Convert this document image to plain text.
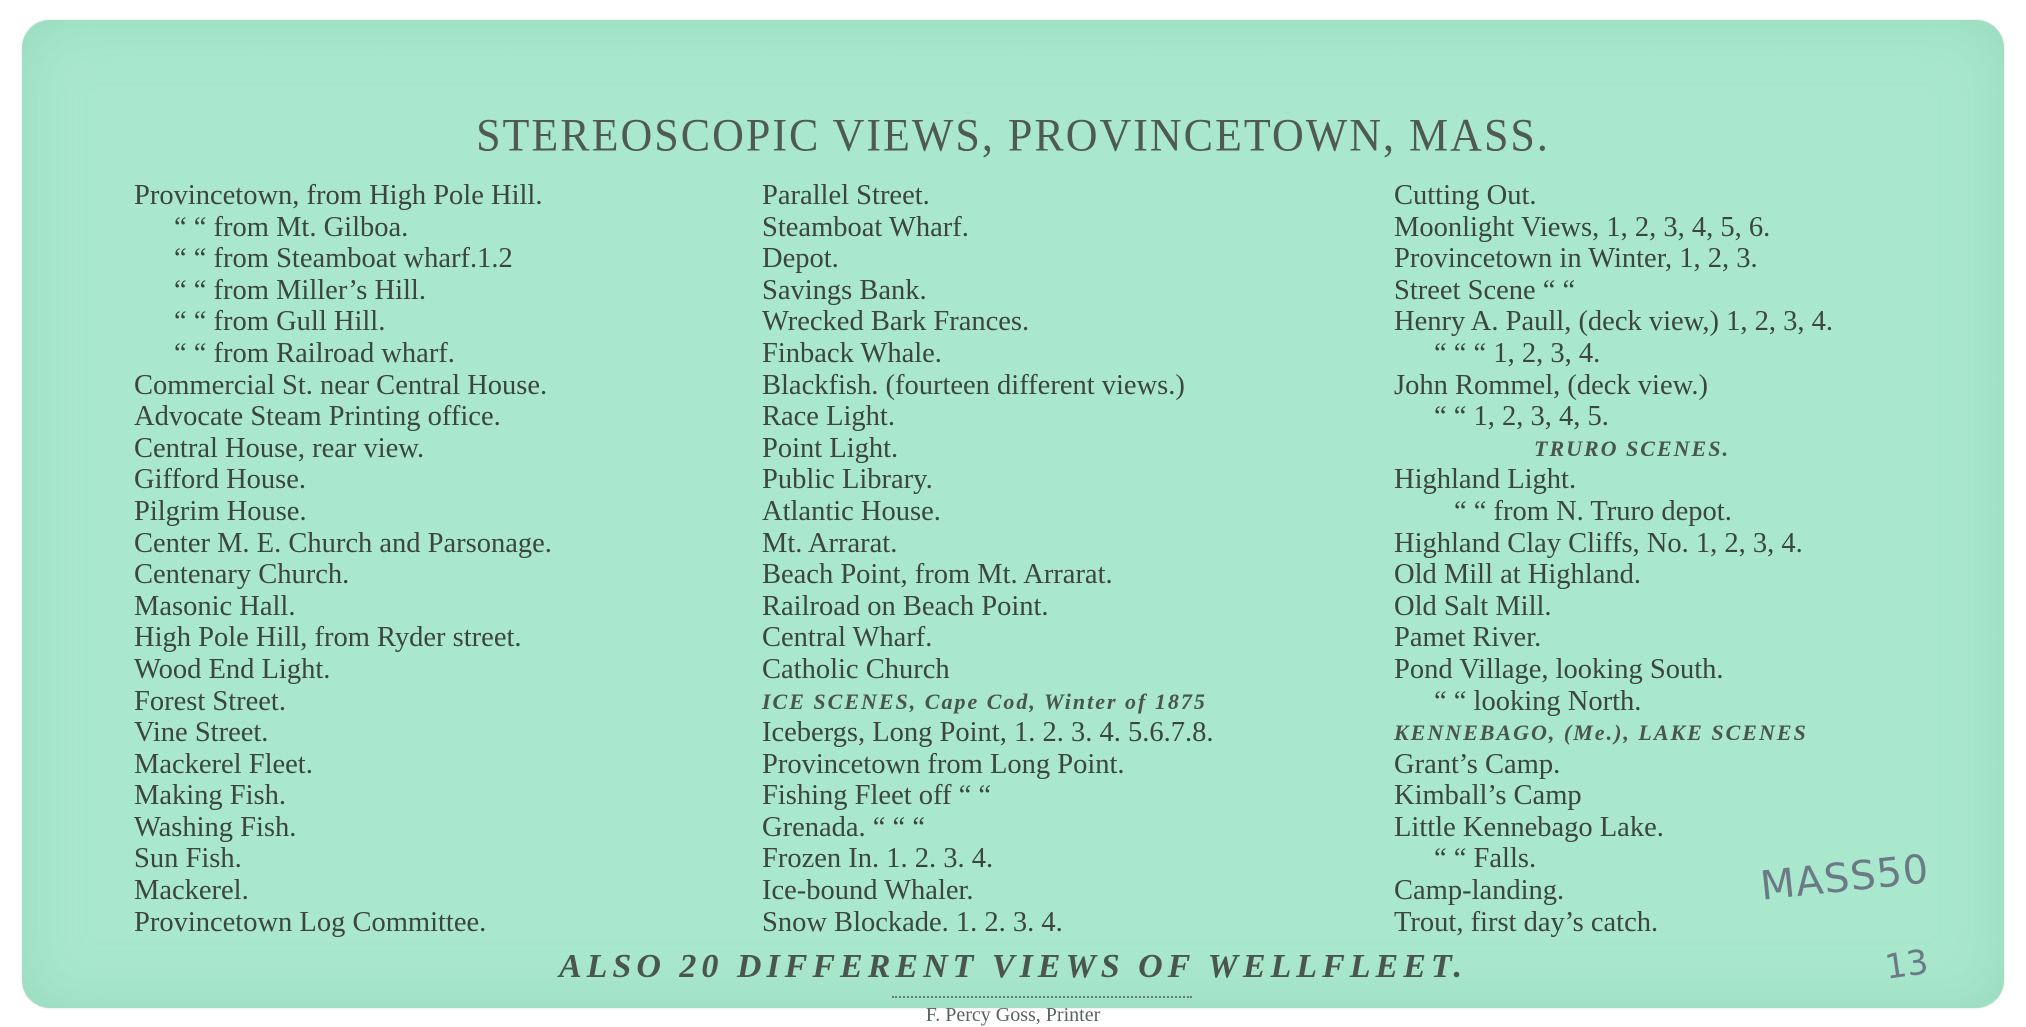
STEREOSCOPIC VIEWS, PROVINCETOWN, MASS.
Provincetown, from High Pole Hill.
“ “ from Mt. Gilboa.
“ “ from Steamboat wharf.1.2
“ “ from Miller’s Hill.
“ “ from Gull Hill.
“ “ from Railroad wharf.
Commercial St. near Central House.
Advocate Steam Printing office.
Central House, rear view.
Gifford House.
Pilgrim House.
Center M. E. Church and Parsonage.
Centenary Church.
Masonic Hall.
High Pole Hill, from Ryder street.
Wood End Light.
Forest Street.
Vine Street.
Mackerel Fleet.
Making Fish.
Washing Fish.
Sun Fish.
Mackerel.
Provincetown Log Committee.
Parallel Street.
Steamboat Wharf.
Depot.
Savings Bank.
Wrecked Bark Frances.
Finback Whale.
Blackfish. (fourteen different views.)
Race Light.
Point Light.
Public Library.
Atlantic House.
Mt. Arrarat.
Beach Point, from Mt. Arrarat.
Railroad on Beach Point.
Central Wharf.
Catholic Church
ICE SCENES, Cape Cod, Winter of 1875
Icebergs, Long Point, 1. 2. 3. 4. 5.6.7.8.
Provincetown from Long Point.
Fishing Fleet off “ “
Grenada. “ “ “
Frozen In. 1. 2. 3. 4.
Ice-bound Whaler.
Snow Blockade. 1. 2. 3. 4.
Cutting Out.
Moonlight Views, 1, 2, 3, 4, 5, 6.
Provincetown in Winter, 1, 2, 3.
Street Scene “ “
Henry A. Paull, (deck view,) 1, 2, 3, 4.
“ “ “ 1, 2, 3, 4.
John Rommel, (deck view.)
“ “ 1, 2, 3, 4, 5.
TRURO SCENES.
Highland Light.
“ “ from N. Truro depot.
Highland Clay Cliffs, No. 1, 2, 3, 4.
Old Mill at Highland.
Old Salt Mill.
Pamet River.
Pond Village, looking South.
“ “ looking North.
KENNEBAGO, (Me.), LAKE SCENES
Grant’s Camp.
Kimball’s Camp
Little Kennebago Lake.
“ “ Falls.
Camp-landing.
Trout, first day’s catch.
ALSO 20 DIFFERENT VIEWS OF WELLFLEET.
F. Percy Goss, Printer
MASS50
13
